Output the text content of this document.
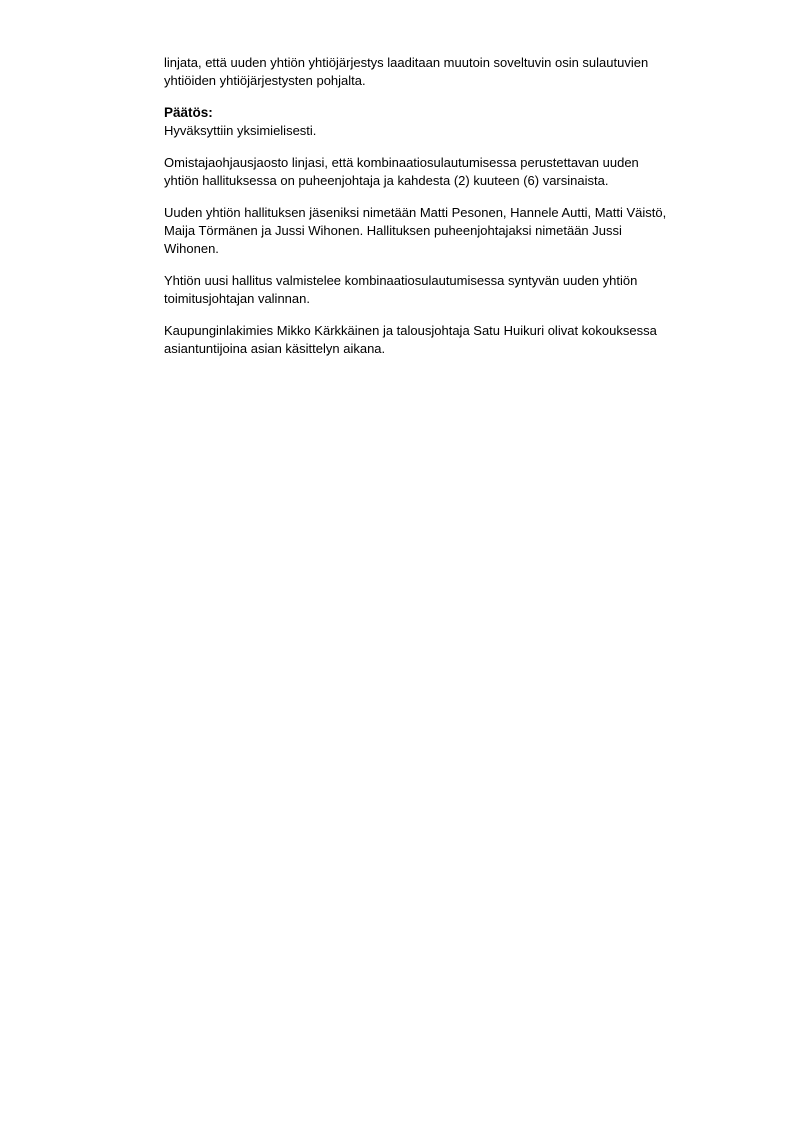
linjata, että uuden yhtiön yhtiöjärjestys laaditaan muutoin soveltuvin osin sulautuvien
yhtiöiden yhtiöjärjestysten pohjalta.

Päätös:

Hyväksyttiin yksimielisesti.

Omistajaohjausjaosto linjasi, että kombinaatiosulautumisessa perustettavan uuden
yhtiön hallituksessa on puheenjohtaja ja kahdesta (2) kuuteen (6) varsinaista.

Uuden yhtiön hallituksen jäseniksi nimetään Matti Pesonen, Hannele Autti, Matti Väistö,
Maija Törmänen ja Jussi Wihonen. Hallituksen puheenjohtajaksi nimetään Jussi
Wihonen.

Yhtiön uusi hallitus valmistelee kombinaatiosulautumisessa syntyvän uuden yhtiön
toimitusjohtajan valinnan.

Kaupunginlakimies Mikko Kärkkäinen ja talousjohtaja Satu Huikuri olivat kokouksessa
asiantuntijoina asian käsittelyn aikana.
